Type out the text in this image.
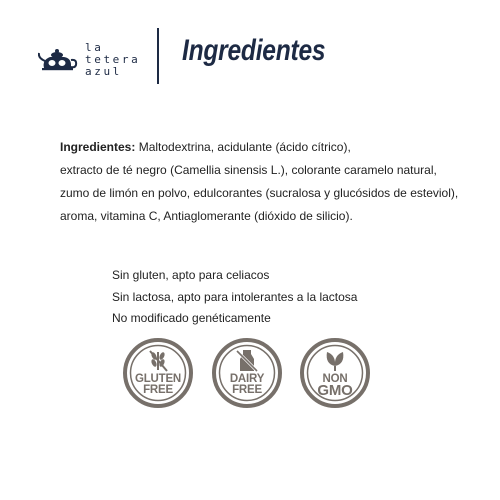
la
tetera
azul
Ingredientes
Ingredientes: Maltodextrina, acidulante (ácido cítrico),
extracto de té negro (Camellia sinensis L.), colorante caramelo natural,
zumo de limón en polvo, edulcorantes (sucralosa y glucósidos de esteviol),
aroma, vitamina C, Antiaglomerante (dióxido de silicio).
Sin gluten, apto para celiacos
Sin lactosa, apto para intolerantes a la lactosa
No modificado genéticamente
GLUTEN
FREE
DAIRY
FREE
NON
GMO
